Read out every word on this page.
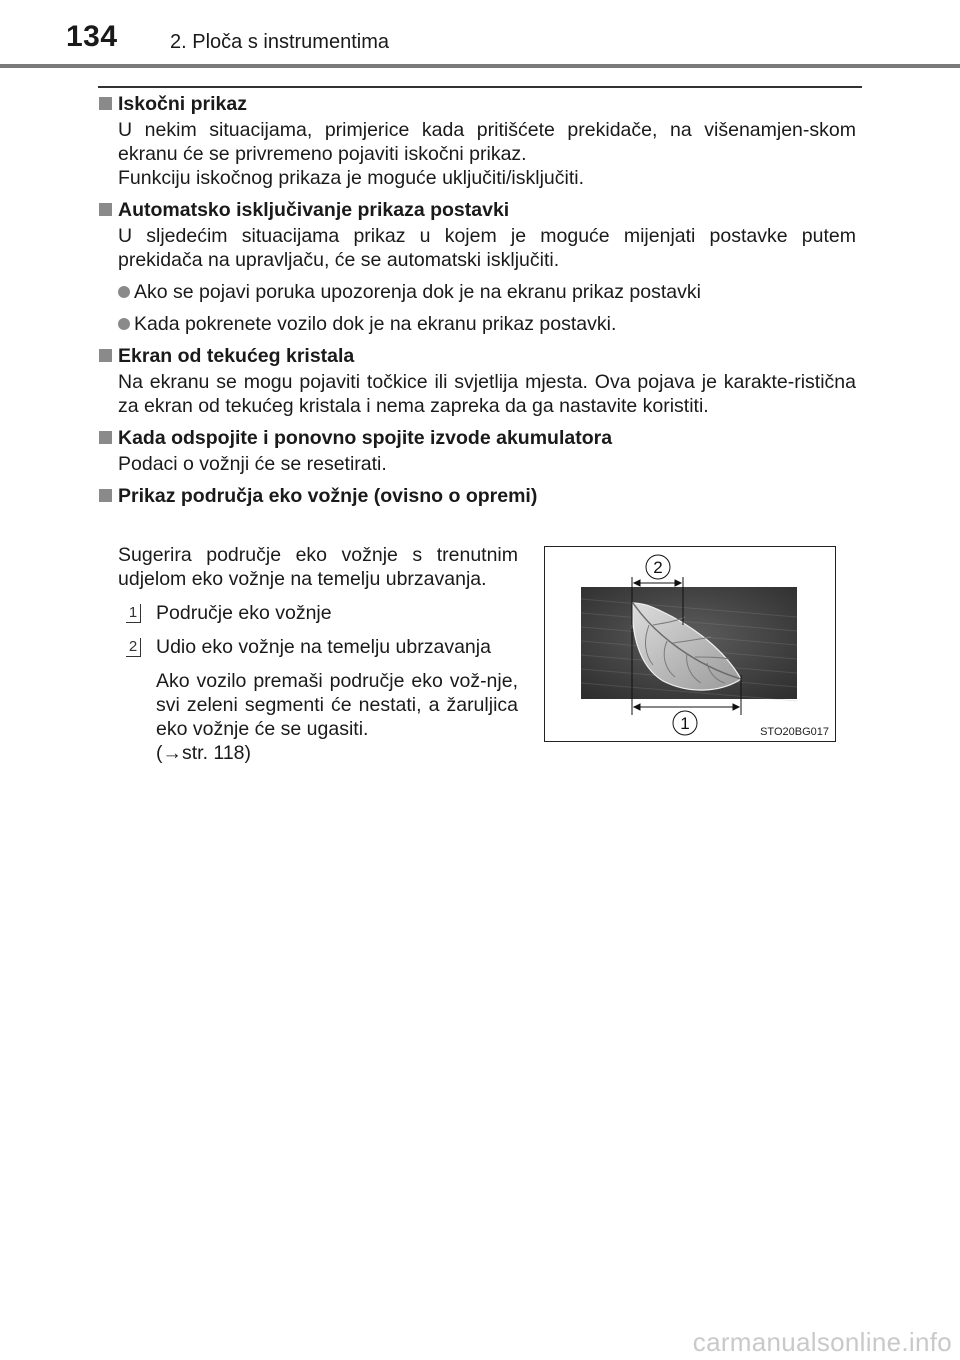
134	2. Ploča s instrumentima
Iskočni prikaz
U nekim situacijama, primjerice kada pritišćete prekidače, na višenamjen-skom ekranu će se privremeno pojaviti iskočni prikaz.
Funkciju iskočnog prikaza je moguće uključiti/isključiti.
Automatsko isključivanje prikaza postavki
U sljedećim situacijama prikaz u kojem je moguće mijenjati postavke putem prekidača na upravljaču, će se automatski isključiti.
Ako se pojavi poruka upozorenja dok je na ekranu prikaz postavki
Kada pokrenete vozilo dok je na ekranu prikaz postavki.
Ekran od tekućeg kristala
Na ekranu se mogu pojaviti točkice ili svjetlija mjesta. Ova pojava je karakte-ristična za ekran od tekućeg kristala i nema zapreka da ga nastavite koristiti.
Kada odspojite i ponovno spojite izvode akumulatora
Podaci o vožnji će se resetirati.
Prikaz područja eko vožnje (ovisno o opremi)
Sugerira područje eko vožnje s trenutnim udjelom eko vožnje na temelju ubrzavanja.
1 Područje eko vožnje
2 Udio eko vožnje na temelju ubrzavanja
Ako vozilo premaši područje eko vož-nje, svi zeleni segmenti će nestati, a žaruljica eko vožnje će se ugasiti.
(→str. 118)
2
1	STO20BG017
carmanualsonline.info
